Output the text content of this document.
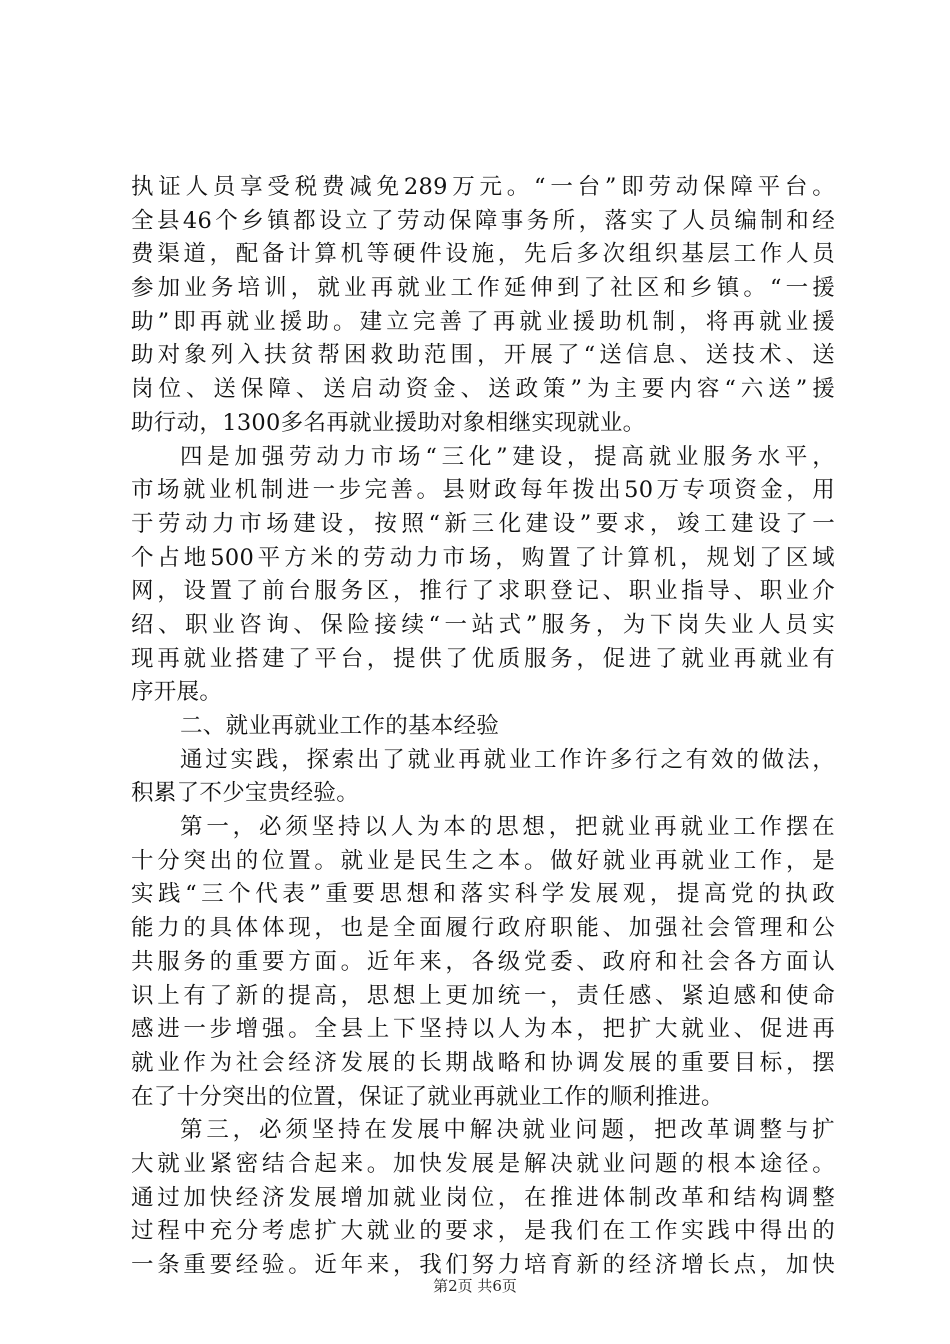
执证人员享受税费减免289万元。“一台”即劳动保障平台。
全县46个乡镇都设立了劳动保障事务所，落实了人员编制和经
费渠道，配备计算机等硬件设施，先后多次组织基层工作人员
参加业务培训，就业再就业工作延伸到了社区和乡镇。“一援
助”即再就业援助。建立完善了再就业援助机制，将再就业援
助对象列入扶贫帮困救助范围，开展了“送信息、送技术、送
岗位、送保障、送启动资金、送政策”为主要内容“六送”援
助行动，1300多名再就业援助对象相继实现就业。
四是加强劳动力市场“三化”建设，提高就业服务水平，
市场就业机制进一步完善。县财政每年拨出50万专项资金，用
于劳动力市场建设，按照“新三化建设”要求，竣工建设了一
个占地500平方米的劳动力市场，购置了计算机，规划了区域
网，设置了前台服务区，推行了求职登记、职业指导、职业介
绍、职业咨询、保险接续“一站式”服务，为下岗失业人员实
现再就业搭建了平台，提供了优质服务，促进了就业再就业有
序开展。
二、就业再就业工作的基本经验
通过实践，探索出了就业再就业工作许多行之有效的做法，
积累了不少宝贵经验。
第一，必须坚持以人为本的思想，把就业再就业工作摆在
十分突出的位置。就业是民生之本。做好就业再就业工作，是
实践“三个代表”重要思想和落实科学发展观，提高党的执政
能力的具体体现，也是全面履行政府职能、加强社会管理和公
共服务的重要方面。近年来，各级党委、政府和社会各方面认
识上有了新的提高，思想上更加统一，责任感、紧迫感和使命
感进一步增强。全县上下坚持以人为本，把扩大就业、促进再
就业作为社会经济发展的长期战略和协调发展的重要目标，摆
在了十分突出的位置，保证了就业再就业工作的顺利推进。
第三，必须坚持在发展中解决就业问题，把改革调整与扩
大就业紧密结合起来。加快发展是解决就业问题的根本途径。
通过加快经济发展增加就业岗位，在推进体制改革和结构调整
过程中充分考虑扩大就业的要求，是我们在工作实践中得出的
一条重要经验。近年来，我们努力培育新的经济增长点，加快
第2页 共6页
